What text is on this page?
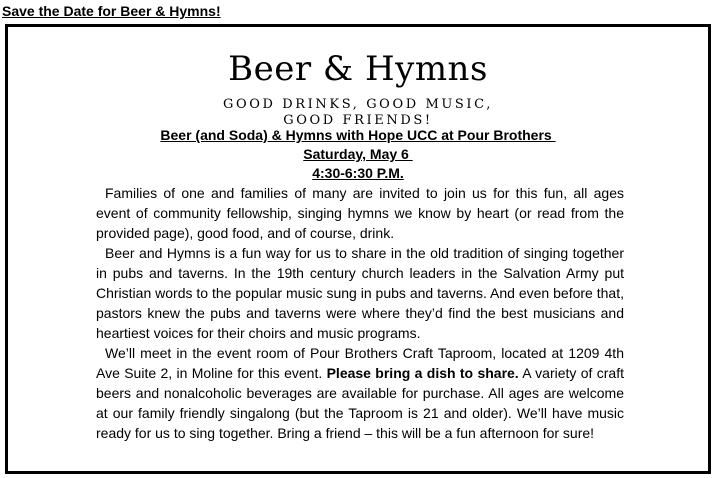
Save the Date for Beer & Hymns!
Beer & Hymns
GOOD DRINKS, GOOD MUSIC,
GOOD FRIENDS!
Beer (and Soda) & Hymns with Hope UCC at Pour Brothers
Saturday, May 6
4:30-6:30 P.M.

Families of one and families of many are invited to join us for this fun, all ages event of community fellowship, singing hymns we know by heart (or read from the provided page), good food, and of course, drink.

Beer and Hymns is a fun way for us to share in the old tradition of singing together in pubs and taverns. In the 19th century church leaders in the Salvation Army put Christian words to the popular music sung in pubs and taverns. And even before that, pastors knew the pubs and taverns were where they’d find the best musicians and heartiest voices for their choirs and music programs.

We’ll meet in the event room of Pour Brothers Craft Taproom, located at 1209 4th Ave Suite 2, in Moline for this event. Please bring a dish to share. A variety of craft beers and nonalcoholic beverages are available for purchase. All ages are welcome at our family friendly singalong (but the Taproom is 21 and older). We’ll have music ready for us to sing together. Bring a friend – this will be a fun afternoon for sure!
